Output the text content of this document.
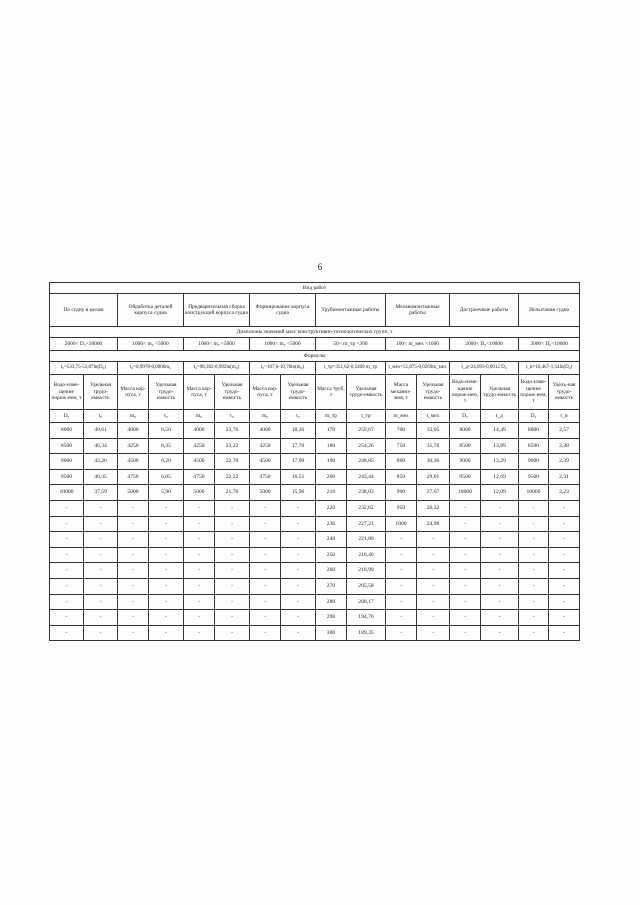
6
Вид работ															
По судну в целом		Обработка деталей корпуса судна		Предварительная сборка конструкций корпуса судна		Формирование корпуса судна		Трубомонтажные работы		Механомонтажные работы		Достроечные работы		Испытания судна	
Диапазоны значений масс конструктивно-технологических групп, т															
2000< D₀<10000		1000< m₀ <5000		1000< m₀ <5000		1000< m₀ <5000		50< m_тр <300		100< m_мех <1000		2000< D₀<10000		2000< D₀<10000	
Формулы															
t₀=533,75-53,87ln(D₀)		t₀=8,9978-0,0006m₀		t₀=98,362-8,992ln(m₀)		t₀=107,6-10,76ln(m₀)		t_тр=351,62-0,5409 m_тр		t_мех=51,875-0,0269m_мех		t_д=24,093-0,0012 D₀		t_и=16,467-1,54ln(D₀)	
Водо-изме-щение порож-нем, т	Удельная трудо-емкость	Масса кор-пуса, т	Удельная трудо-емкость	Масса кор-пуса, т	Удельная трудо-емкость	Масса кор-пуса, т	Удельная трудо-емкость	Масса труб, т	Удельная трудо-емкость	Масса механиз-мов, т	Удельная трудо-емкость	Водо-изме-щение порож-нем, т	Удельная трудо-емкость	Водо-изме-щение порож-нем, т	Удель-ная трудо-емкость
D₀	t₀	m₀	t₀	m₀	t₀	m₀	t₀	m_тр	t_тр	m_мех	t_мех	D₀	t_д	D₀	t_и
8000	49,61	4000	6,50	4000	23,76	4000	18,36	170	259,67	700	33,05	8000	14,49	8000	2,57
8500	46,34	4250	6,35	4250	23,22	4250	17,70	180	254,26	750	31,70	8500	13,89	8500	2,48
9000	43,26	4500	6,20	4500	22,70	4500	17,09	190	248,85	800	30,36	9000	13,29	9000	2,39
9500	40,35	4750	6,05	4750	22,22	4750	16,51	200	243,44	850	29,01	9500	12,69	9500	2,31
10000	37,59	5000	5,90	5000	21,76	5000	15,96	210	238,03	900	27,67	10000	12,09	10000	2,23
-	-	-	-	-	-	-	-	220	232,62	950	26,32	-	-	-	-
-	-	-	-	-	-	-	-	230	227,21	1000	24,98	-	-	-	-
-	-	-	-	-	-	-	-	240	221,80	-	-	-	-	-	-
-	-	-	-	-	-	-	-	250	216,40	-	-	-	-	-	-
-	-	-	-	-	-	-	-	260	210,99	-	-	-	-	-	-
-	-	-	-	-	-	-	-	270	205,58	-	-	-	-	-	-
-	-	-	-	-	-	-	-	280	200,17	-	-	-	-	-	-
-	-	-	-	-	-	-	-	290	194,76	-	-	-	-	-	-
-	-	-	-	-	-	-	-	300	189,35	-	-	-	-	-	-
